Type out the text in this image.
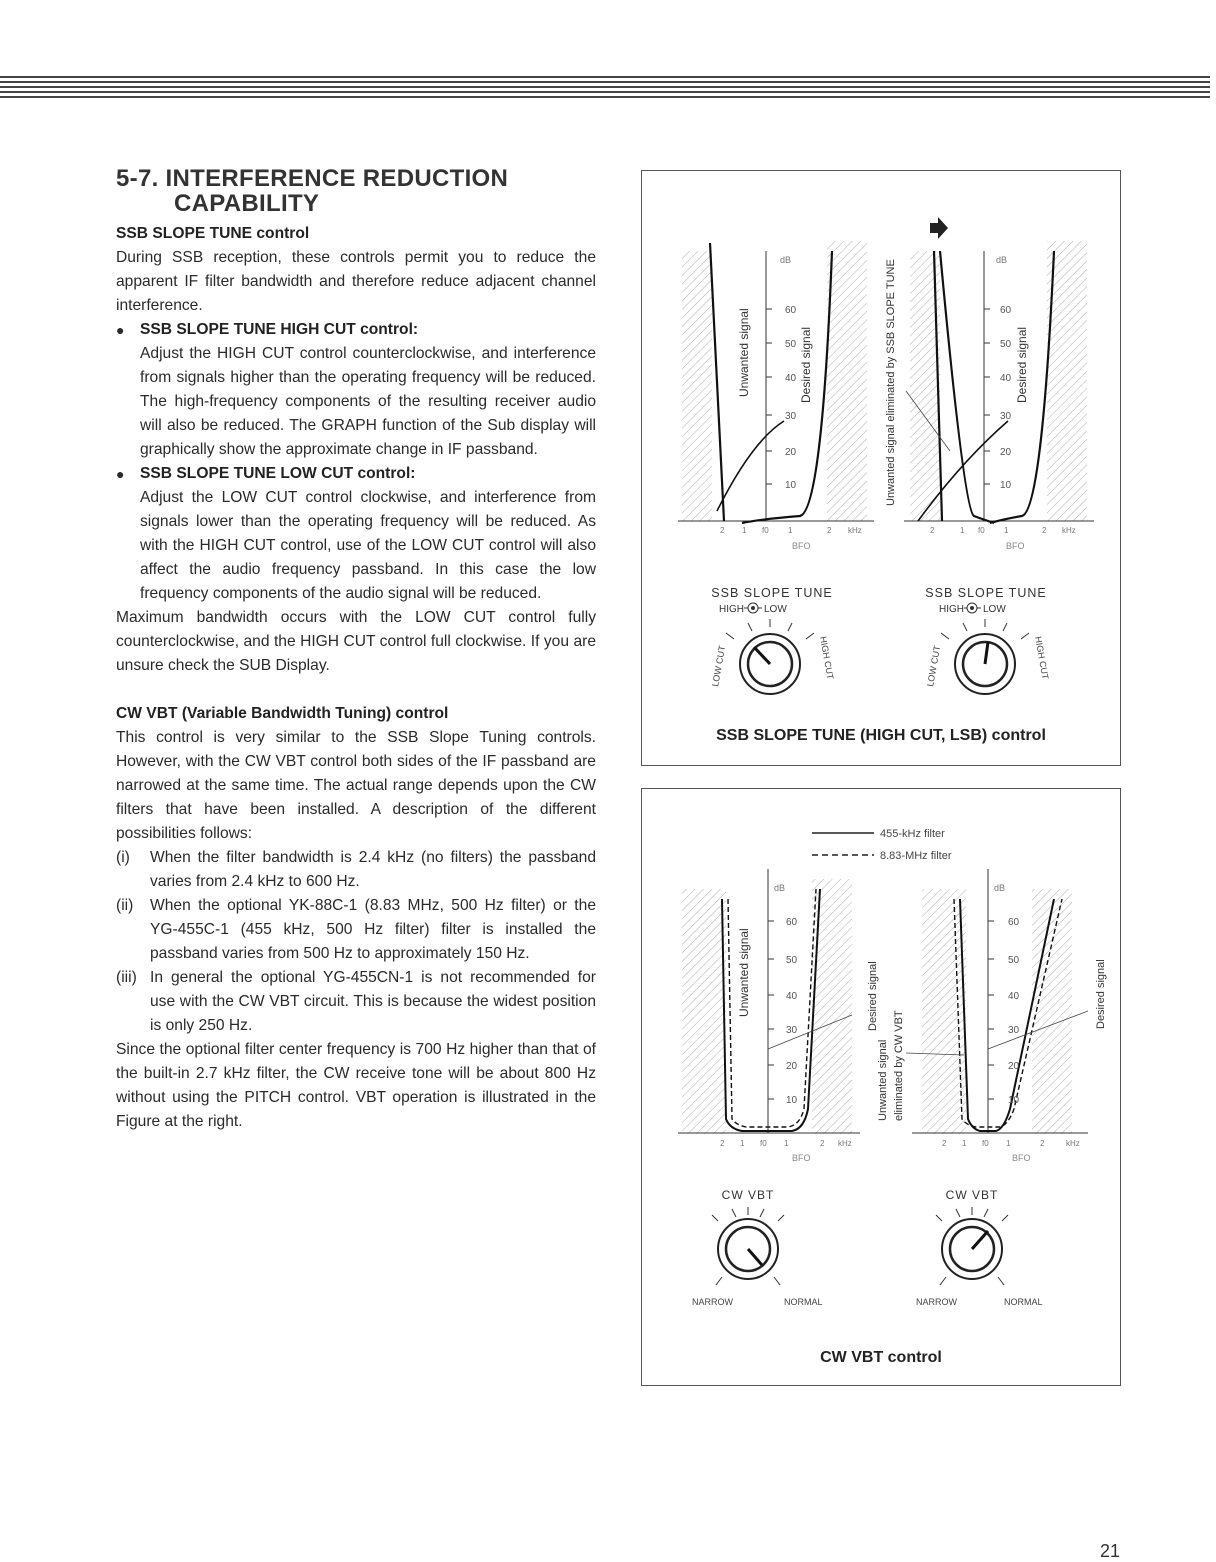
5-7. INTERFERENCE REDUCTION
CAPABILITY
SSB SLOPE TUNE control

During SSB reception, these controls permit you to reduce the apparent IF filter bandwidth and therefore reduce adjacent channel interference.

● SSB SLOPE TUNE HIGH CUT control:

Adjust the HIGH CUT control counterclockwise, and interference from signals higher than the operating frequency will be reduced. The high-frequency components of the resulting receiver audio will also be reduced. The GRAPH function of the Sub display will graphically show the approximate change in IF passband.

● SSB SLOPE TUNE LOW CUT control:

Adjust the LOW CUT control clockwise, and interference from signals lower than the operating frequency will be reduced. As with the HIGH CUT control, use of the LOW CUT control will also affect the audio frequency passband. In this case the low frequency components of the audio signal will be reduced.

Maximum bandwidth occurs with the LOW CUT control fully counterclockwise, and the HIGH CUT control full clockwise. If you are unsure check the SUB Display.

CW VBT (Variable Bandwidth Tuning) control

This control is very similar to the SSB Slope Tuning controls. However, with the CW VBT control both sides of the IF passband are narrowed at the same time. The actual range depends upon the CW filters that have been installed. A description of the different possibilities follows:

(i)	When the filter bandwidth is 2.4 kHz (no filters) the passband varies from 2.4 kHz to 600 Hz.
(ii)	When the optional YK-88C-1 (8.83 MHz, 500 Hz filter) or the YG-455C-1 (455 kHz, 500 Hz filter) filter is installed the passband varies from 500 Hz to approximately 150 Hz.
(iii) In general the optional YG-455CN-1 is not recommended for use with the CW VBT circuit. This is because the widest position is only 250 Hz.

Since the optional filter center frequency is 700 Hz higher than that of the built-in 2.7 kHz filter, the CW receive tone will be about 800 Hz without using the PITCH control. VBT operation is illustrated in the Figure at the right.

dB
60
50
40
30
20
10
Unwanted signal	Desired signal
2 1 f0 1	2 kHz
BFO
Unwanted signal eliminated by SSB SLOPE TUNE	dB
60
50
40
30
20
10
Desired signal
2	1 f0 1	2 kHz
BFO
SSB SLOPE TUNE
HIGH LOW
LOW CUT	HIGH CUT
SSB SLOPE TUNE
HIGH LOW
LOW CUT	HIGH CUT
SSB SLOPE TUNE (HIGH CUT, LSB) control
455-kHz filter
8.83-MHz filter
dB
60
50
40
30
20
10
Unwanted signal
2 1 f0 1	2 kHz
BFO
Desired signal
Unwanted signal eliminated by CW VBT
dB
60
50
40
30
20
10
Desired signal
2 1 f0 1	2	kHz
BFO
CW VBT
NARROW	NORMAL
CW VBT
NARROW	NORMAL
CW VBT control
21
